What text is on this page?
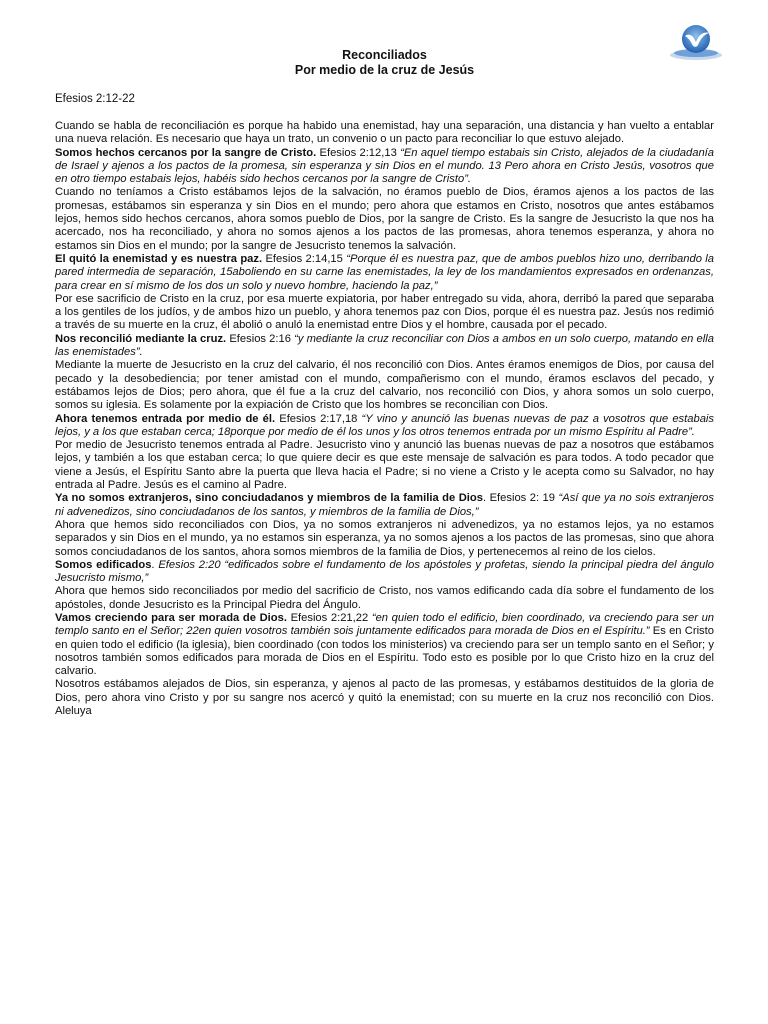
Reconciliados

Por medio de la cruz de Jesús

Efesios 2:12-22

Cuando se habla de reconciliación es porque ha habido una enemistad, hay una separación, una distancia y han vuelto a entablar una nueva relación. Es necesario que haya un trato, un convenio o un pacto para reconciliar lo que estuvo alejado.

Somos hechos cercanos por la sangre de Cristo. Efesios 2:12,13 “En aquel tiempo estabais sin Cristo, alejados de la ciudadanía de Israel y ajenos a los pactos de la promesa, sin esperanza y sin Dios en el mundo. 13 Pero ahora en Cristo Jesús, vosotros que en otro tiempo estabais lejos, habéis sido hechos cercanos por la sangre de Cristo”.

Cuando no teníamos a Cristo estábamos lejos de la salvación, no éramos pueblo de Dios, éramos ajenos a los pactos de las promesas, estábamos sin esperanza y sin Dios en el mundo; pero ahora que estamos en Cristo, nosotros que antes estábamos lejos, hemos sido hechos cercanos, ahora somos pueblo de Dios, por la sangre de Cristo. Es la sangre de Jesucristo la que nos ha acercado, nos ha reconciliado, y ahora no somos ajenos a los pactos de las promesas, ahora tenemos esperanza, y ahora no estamos sin Dios en el mundo; por la sangre de Jesucristo tenemos la salvación.

El quitó la enemistad y es nuestra paz. Efesios 2:14,15 “Porque él es nuestra paz, que de ambos pueblos hizo uno, derribando la pared intermedia de separación, 15aboliendo en su carne las enemistades, la ley de los mandamientos expresados en ordenanzas, para crear en sí mismo de los dos un solo y nuevo hombre, haciendo la paz,”

Por ese sacrificio de Cristo en la cruz, por esa muerte expiatoria, por haber entregado su vida, ahora, derribó la pared que separaba a los gentiles de los judíos, y de ambos hizo un pueblo, y ahora tenemos paz con Dios, porque él es nuestra paz. Jesús nos redimió a través de su muerte en la cruz, él abolió o anuló la enemistad entre Dios y el hombre, causada por el pecado.

Nos reconcilió mediante la cruz. Efesios 2:16 “y mediante la cruz reconciliar con Dios a ambos en un solo cuerpo, matando en ella las enemistades”.

Mediante la muerte de Jesucristo en la cruz del calvario, él nos reconcilió con Dios. Antes éramos enemigos de Dios, por causa del pecado y la desobediencia; por tener amistad con el mundo, compañerismo con el mundo, éramos esclavos del pecado, y estábamos lejos de Dios; pero ahora, que él fue a la cruz del calvario, nos reconcilió con Dios, y ahora somos un solo cuerpo, somos su iglesia. Es solamente por la expiación de Cristo que los hombres se reconcilian con Dios.

Ahora tenemos entrada por medio de él. Efesios 2:17,18 “Y vino y anunció las buenas nuevas de paz a vosotros que estabais lejos, y a los que estaban cerca; 18porque por medio de él los unos y los otros tenemos entrada por un mismo Espíritu al Padre”.

Por medio de Jesucristo tenemos entrada al Padre. Jesucristo vino y anunció las buenas nuevas de paz a nosotros que estábamos lejos, y también a los que estaban cerca; lo que quiere decir es que este mensaje de salvación es para todos. A todo pecador que viene a Jesús, el Espíritu Santo abre la puerta que lleva hacia el Padre; si no viene a Cristo y le acepta como su Salvador, no hay entrada al Padre. Jesús es el camino al Padre.

Ya no somos extranjeros, sino conciudadanos y miembros de la familia de Dios. Efesios 2: 19 “Así que ya no sois extranjeros ni advenedizos, sino conciudadanos de los santos, y miembros de la familia de Dios,”

Ahora que hemos sido reconciliados con Dios, ya no somos extranjeros ni advenedizos, ya no estamos lejos, ya no estamos separados y sin Dios en el mundo, ya no estamos sin esperanza, ya no somos ajenos a los pactos de las promesas, sino que ahora somos conciudadanos de los santos, ahora somos miembros de la familia de Dios, y pertenecemos al reino de los cielos.

Somos edificados. Efesios 2:20 “edificados sobre el fundamento de los apóstoles y profetas, siendo la principal piedra del ángulo Jesucristo mismo,”

Ahora que hemos sido reconciliados por medio del sacrificio de Cristo, nos vamos edificando cada día sobre el fundamento de los apóstoles, donde Jesucristo es la Principal Piedra del Ángulo.

Vamos creciendo para ser morada de Dios. Efesios 2:21,22 “en quien todo el edificio, bien coordinado, va creciendo para ser un templo santo en el Señor; 22en quien vosotros también sois juntamente edificados para morada de Dios en el Espíritu.” Es en Cristo en quien todo el edificio (la iglesia), bien coordinado (con todos los ministerios) va creciendo para ser un templo santo en el Señor; y nosotros también somos edificados para morada de Dios en el Espíritu. Todo esto es posible por lo que Cristo hizo en la cruz del calvario.

Nosotros estábamos alejados de Dios, sin esperanza, y ajenos al pacto de las promesas, y estábamos destituidos de la gloria de Dios, pero ahora vino Cristo y por su sangre nos acercó y quitó la enemistad; con su muerte en la cruz nos reconcilió con Dios. Aleluya
